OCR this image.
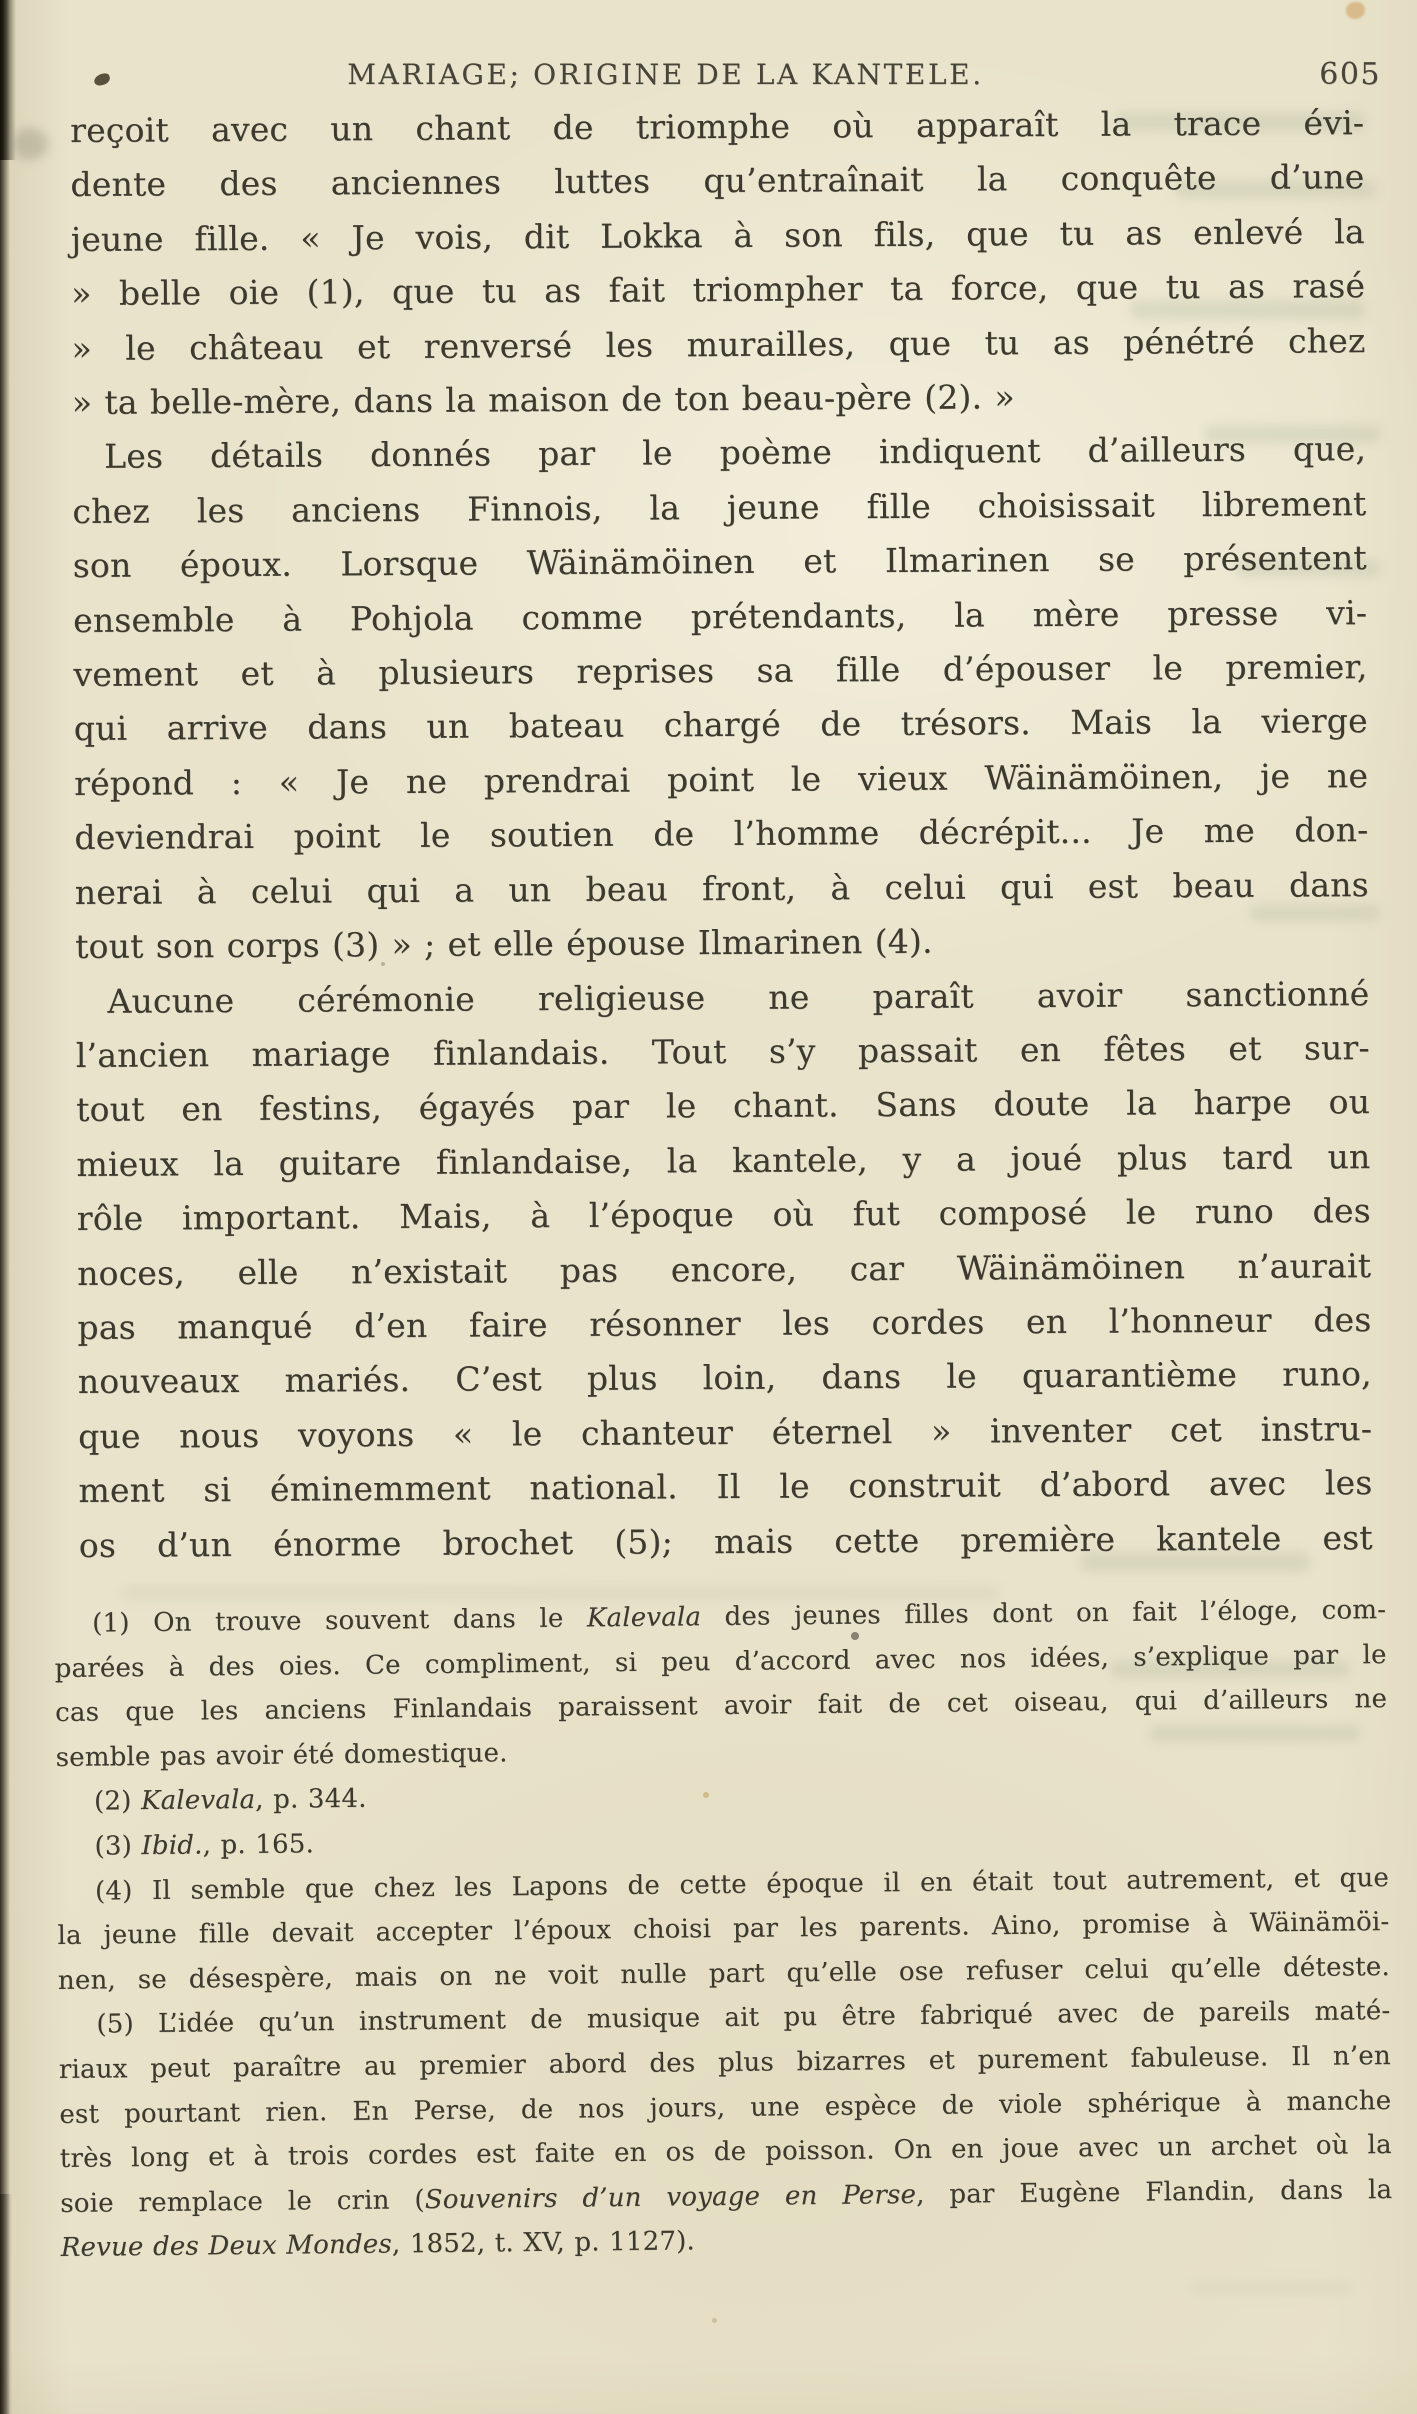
MARIAGE; ORIGINE DE LA KANTELE.	605
reçoit avec un chant de triomphe où apparaît la trace évi-
dente des anciennes luttes qu’entraînait la conquête d’une
jeune fille. « Je vois, dit Lokka à son fils, que tu as enlevé la
» belle oie (1), que tu as fait triompher ta force, que tu as rasé
» le château et renversé les murailles, que tu as pénétré chez
» ta belle-mère, dans la maison de ton beau-père (2). »
Les détails donnés par le poème indiquent d’ailleurs que,
chez les anciens Finnois, la jeune fille choisissait librement
son époux. Lorsque Wäinämöinen et Ilmarinen se présentent
ensemble à Pohjola comme prétendants, la mère presse vi-
vement et à plusieurs reprises sa fille d’épouser le premier,
qui arrive dans un bateau chargé de trésors. Mais la vierge
répond : « Je ne prendrai point le vieux Wäinämöinen, je ne
deviendrai point le soutien de l’homme décrépit... Je me don-
nerai à celui qui a un beau front, à celui qui est beau dans
tout son corps (3) » ; et elle épouse Ilmarinen (4).
Aucune cérémonie religieuse ne paraît avoir sanctionné
l’ancien mariage finlandais. Tout s’y passait en fêtes et sur-
tout en festins, égayés par le chant. Sans doute la harpe ou
mieux la guitare finlandaise, la kantele, y a joué plus tard un
rôle important. Mais, à l’époque où fut composé le runo des
noces, elle n’existait pas encore, car Wäinämöinen n’aurait
pas manqué d’en faire résonner les cordes en l’honneur des
nouveaux mariés. C’est plus loin, dans le quarantième runo,
que nous voyons « le chanteur éternel » inventer cet instru-
ment si éminemment national. Il le construit d’abord avec les
os d’un énorme brochet (5); mais cette première kantele est
(1) On trouve souvent dans le Kalevala des jeunes filles dont on fait l’éloge, com-
parées à des oies. Ce compliment, si peu d’accord avec nos idées, s’explique par le
cas que les anciens Finlandais paraissent avoir fait de cet oiseau, qui d’ailleurs ne
semble pas avoir été domestique.
(2) Kalevala, p. 344.
(3) Ibid., p. 165.
(4) Il semble que chez les Lapons de cette époque il en était tout autrement, et que
la jeune fille devait accepter l’époux choisi par les parents. Aino, promise à Wäinämöi-
nen, se désespère, mais on ne voit nulle part qu’elle ose refuser celui qu’elle déteste.
(5) L’idée qu’un instrument de musique ait pu être fabriqué avec de pareils maté-
riaux peut paraître au premier abord des plus bizarres et purement fabuleuse. Il n’en
est pourtant rien. En Perse, de nos jours, une espèce de viole sphérique à manche
très long et à trois cordes est faite en os de poisson. On en joue avec un archet où la
soie remplace le crin (Souvenirs d’un voyage en Perse, par Eugène Flandin, dans la
Revue des Deux Mondes, 1852, t. XV, p. 1127).
